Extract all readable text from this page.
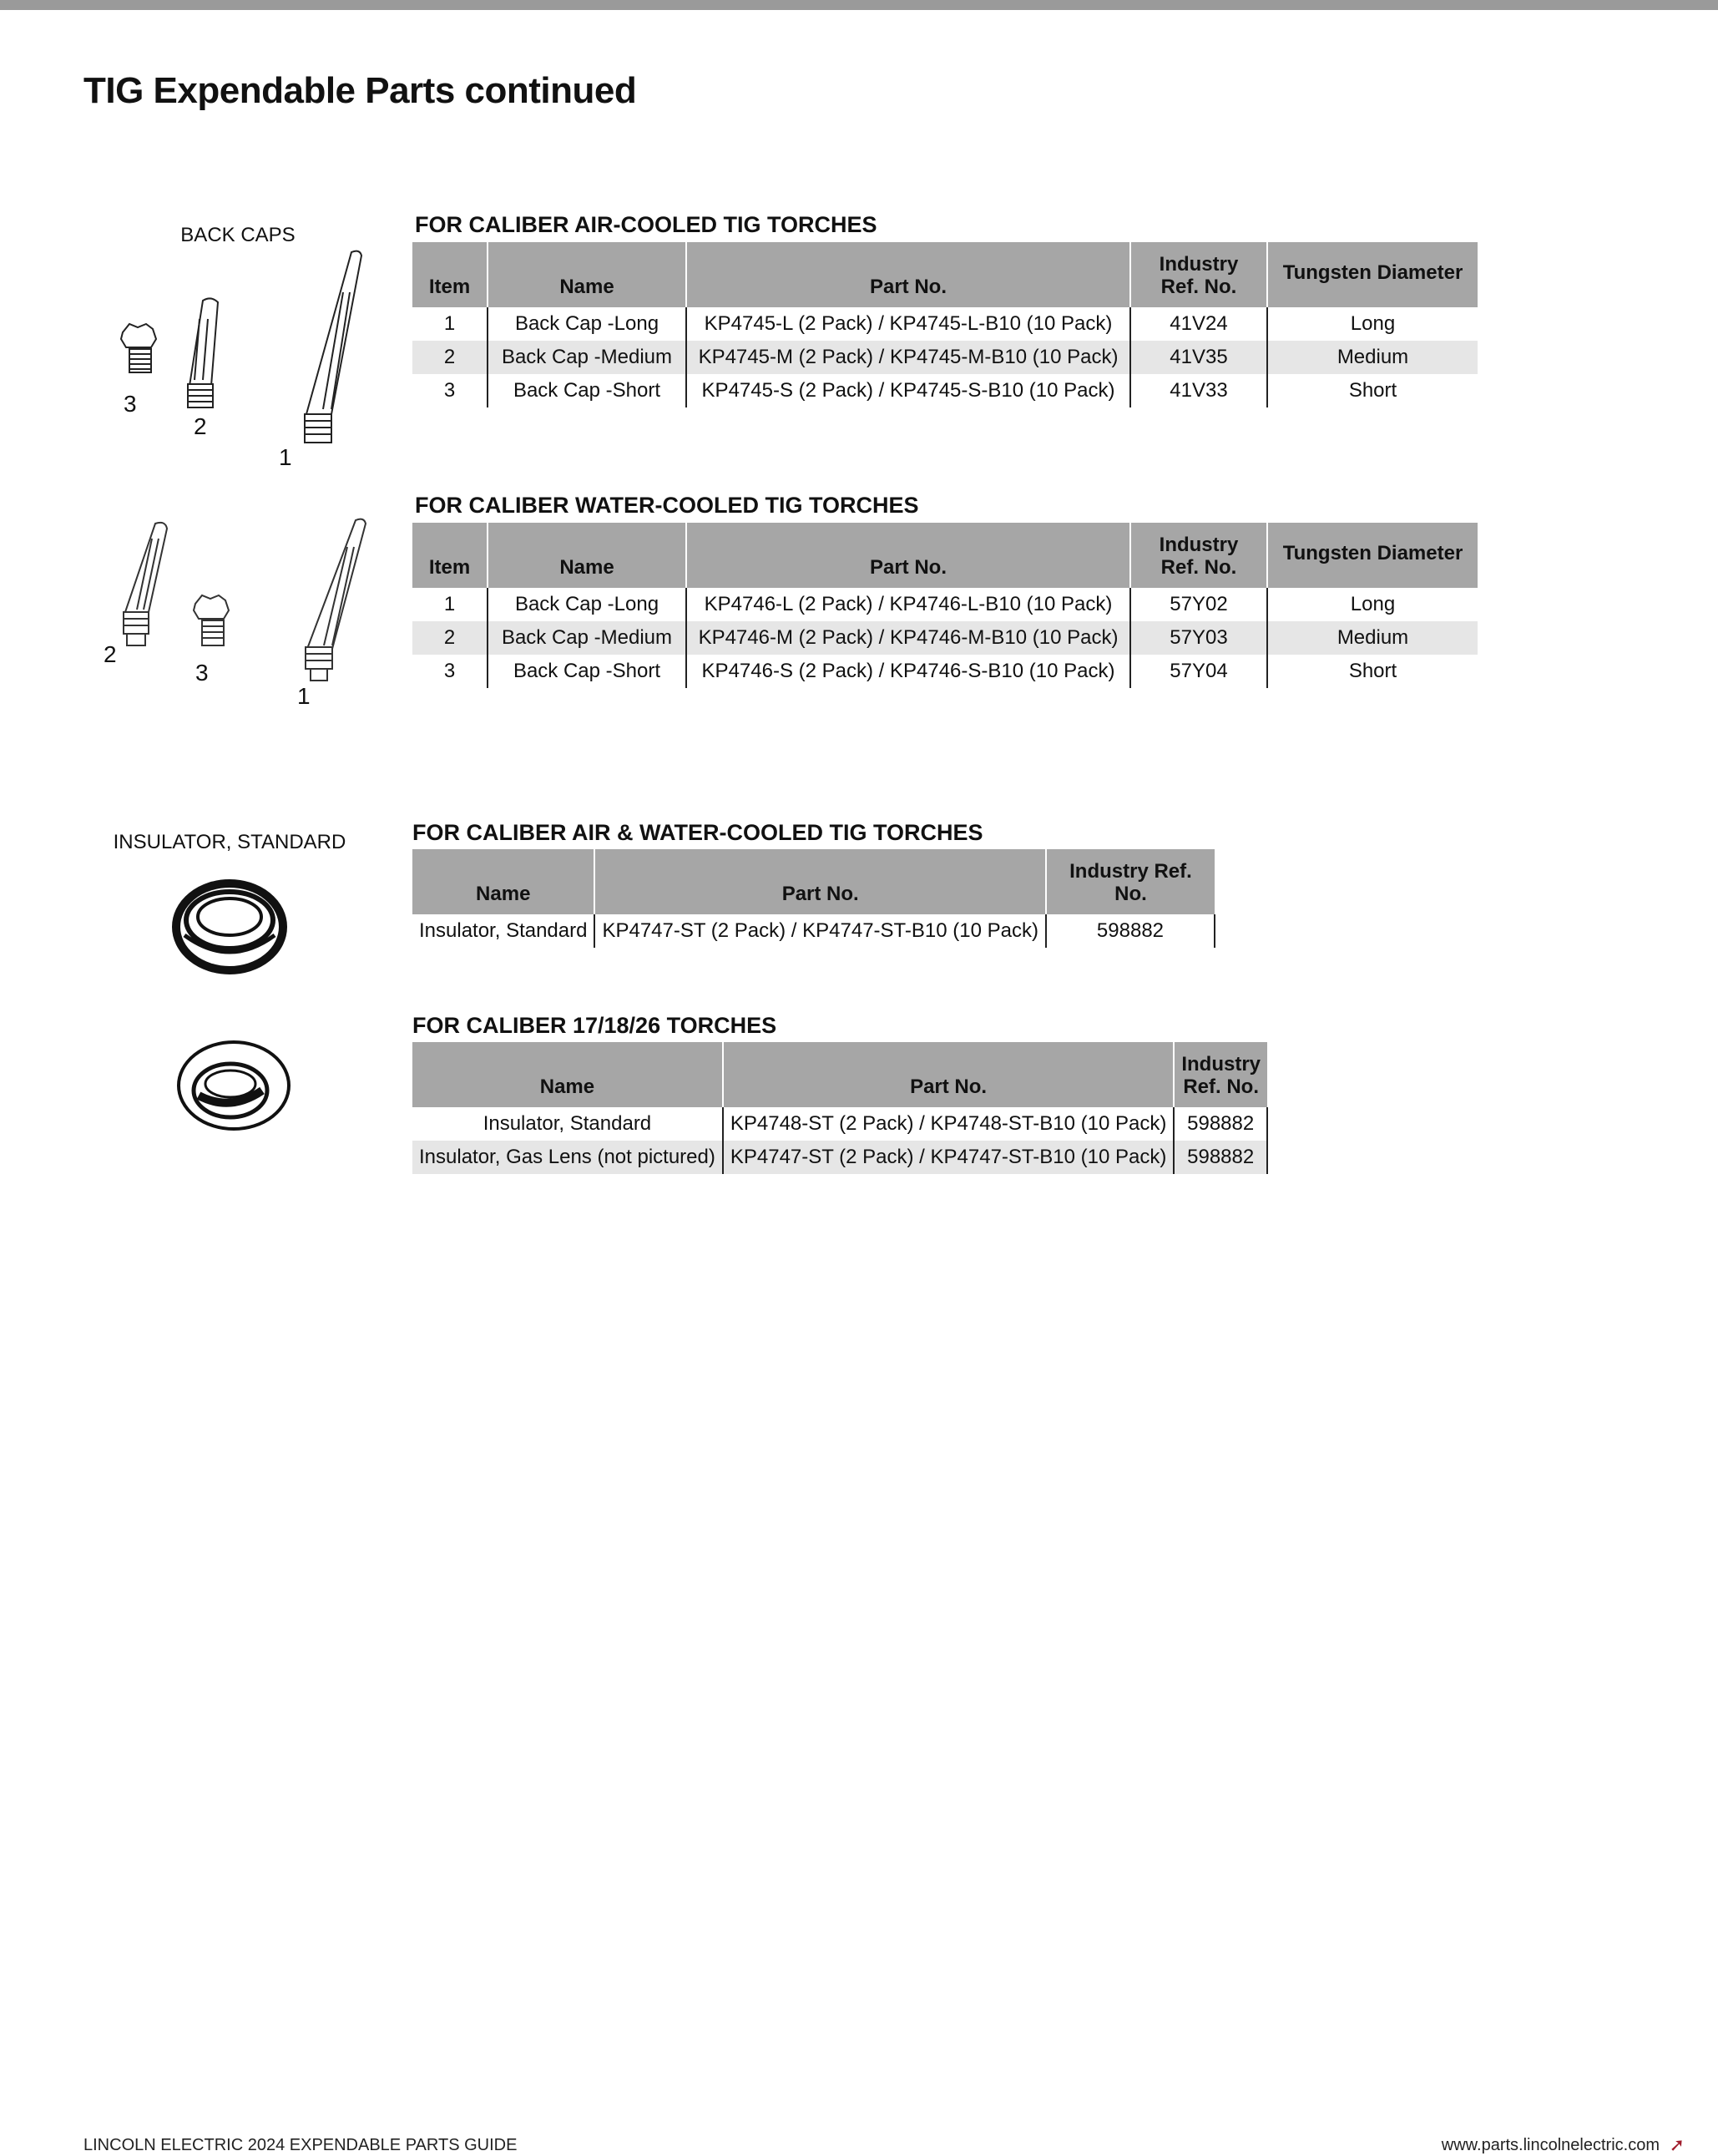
TIG Expendable Parts continued
BACK CAPS
3
2
1
FOR CALIBER AIR-COOLED TIG TORCHES
Item	Name	Part No.	Industry Ref. No.	Tungsten Diameter
1	Back Cap -Long	KP4745-L (2 Pack) / KP4745-L-B10 (10 Pack)	41V24	Long
2	Back Cap -Medium	KP4745-M (2 Pack) / KP4745-M-B10 (10 Pack)	41V35	Medium
3	Back Cap -Short	KP4745-S (2 Pack) / KP4745-S-B10 (10 Pack)	41V33	Short
2
3
1
FOR CALIBER WATER-COOLED TIG TORCHES
Item	Name	Part No.	Industry Ref. No.	Tungsten Diameter
1	Back Cap -Long	KP4746-L (2 Pack) / KP4746-L-B10 (10 Pack)	57Y02	Long
2	Back Cap -Medium	KP4746-M (2 Pack) / KP4746-M-B10 (10 Pack)	57Y03	Medium
3	Back Cap -Short	KP4746-S (2 Pack) / KP4746-S-B10 (10 Pack)	57Y04	Short
INSULATOR, STANDARD	FOR CALIBER AIR & WATER-COOLED TIG TORCHES
Name	Part No.	Industry Ref. No.
Insulator, Standard	KP4747-ST (2 Pack) / KP4747-ST-B10 (10 Pack)	598882
FOR CALIBER 17/18/26 TORCHES
Name	Part No.	Industry Ref. No.
Insulator, Standard	KP4748-ST (2 Pack) / KP4748-ST-B10 (10 Pack)	598882
Insulator, Gas Lens (not pictured)	KP4747-ST (2 Pack) / KP4747-ST-B10 (10 Pack)	598882
LINCOLN ELECTRIC 2024 EXPENDABLE PARTS GUIDE	www.parts.lincolnelectric.com ➚
